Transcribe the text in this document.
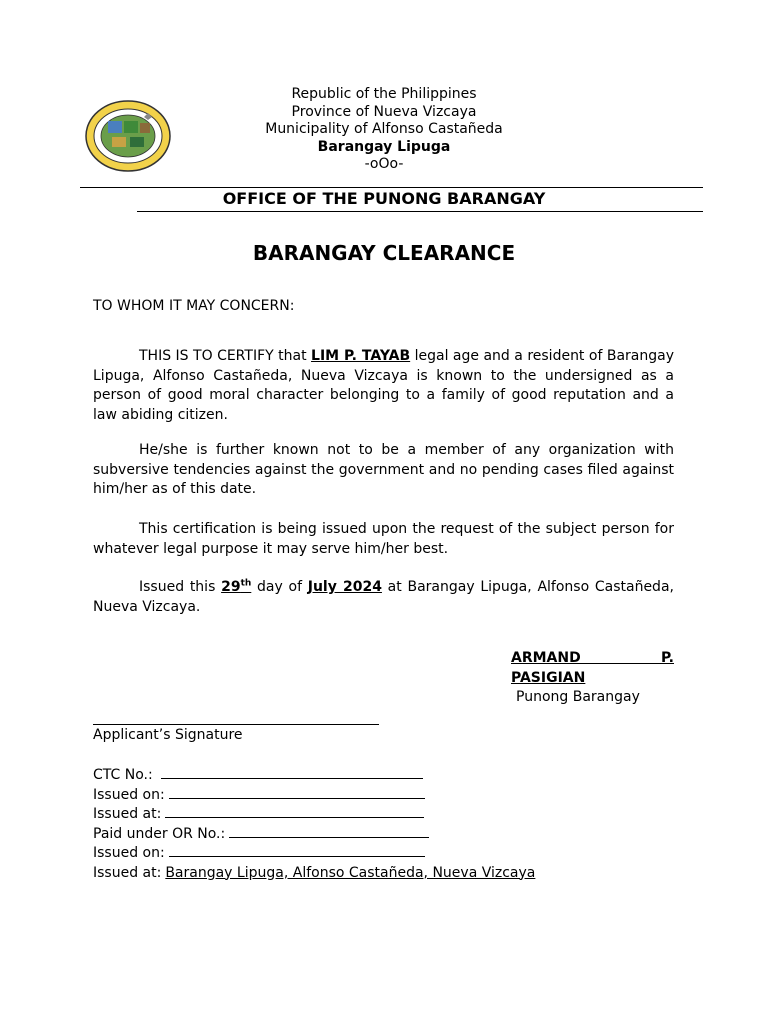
Republic of the Philippines
Province of Nueva Vizcaya
Municipality of Alfonso Castañeda
Barangay Lipuga
-oOo-
OFFICE OF THE PUNONG BARANGAY
BARANGAY CLEARANCE
TO WHOM IT MAY CONCERN:
THIS IS TO CERTIFY that LIM P. TAYAB legal age and a resident of Barangay Lipuga, Alfonso Castañeda, Nueva Vizcaya is known to the undersigned as a person of good moral character belonging to a family of good reputation and a law abiding citizen.
He/she is further known not to be a member of any organization with subversive tendencies against the government and no pending cases filed against him/her as of this date.
This certification is being issued upon the request of the subject person for whatever legal purpose it may serve him/her best.
Issued this 29th day of July 2024 at Barangay Lipuga, Alfonso Castañeda, Nueva Vizcaya.
ARMAND P.
PASIGIAN
Punong Barangay
Applicant’s Signature
CTC No.:
Issued on:
Issued at:
Paid under OR No.:
Issued on:
Issued at: Barangay Lipuga, Alfonso Castañeda, Nueva Vizcaya
